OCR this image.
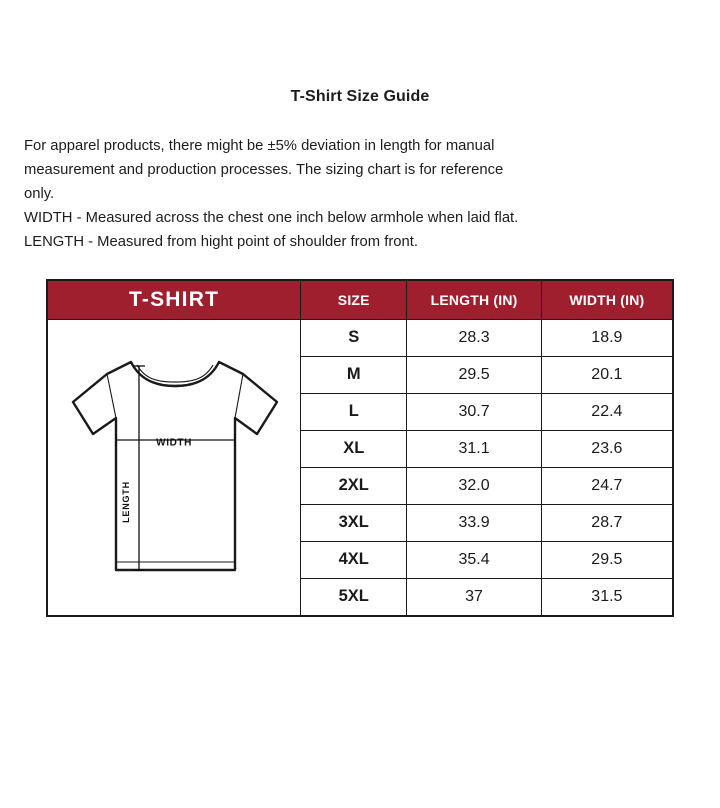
T-Shirt Size Guide

For apparel products, there might be ±5% deviation in length for manual

measurement and production processes. The sizing chart is for reference

only.

WIDTH - Measured across the chest one inch below armhole when laid flat.

LENGTH - Measured from hight point of shoulder from front.

T-SHIRT	SIZE	LENGTH (IN)	WIDTH (IN)

WIDTH
LENGTH	S	28.3	18.9
	M	29.5	20.1
	L	30.7	22.4
	XL	31.1	23.6
	2XL	32.0	24.7
	3XL	33.9	28.7
	4XL	35.4	29.5
	5XL	37	31.5
